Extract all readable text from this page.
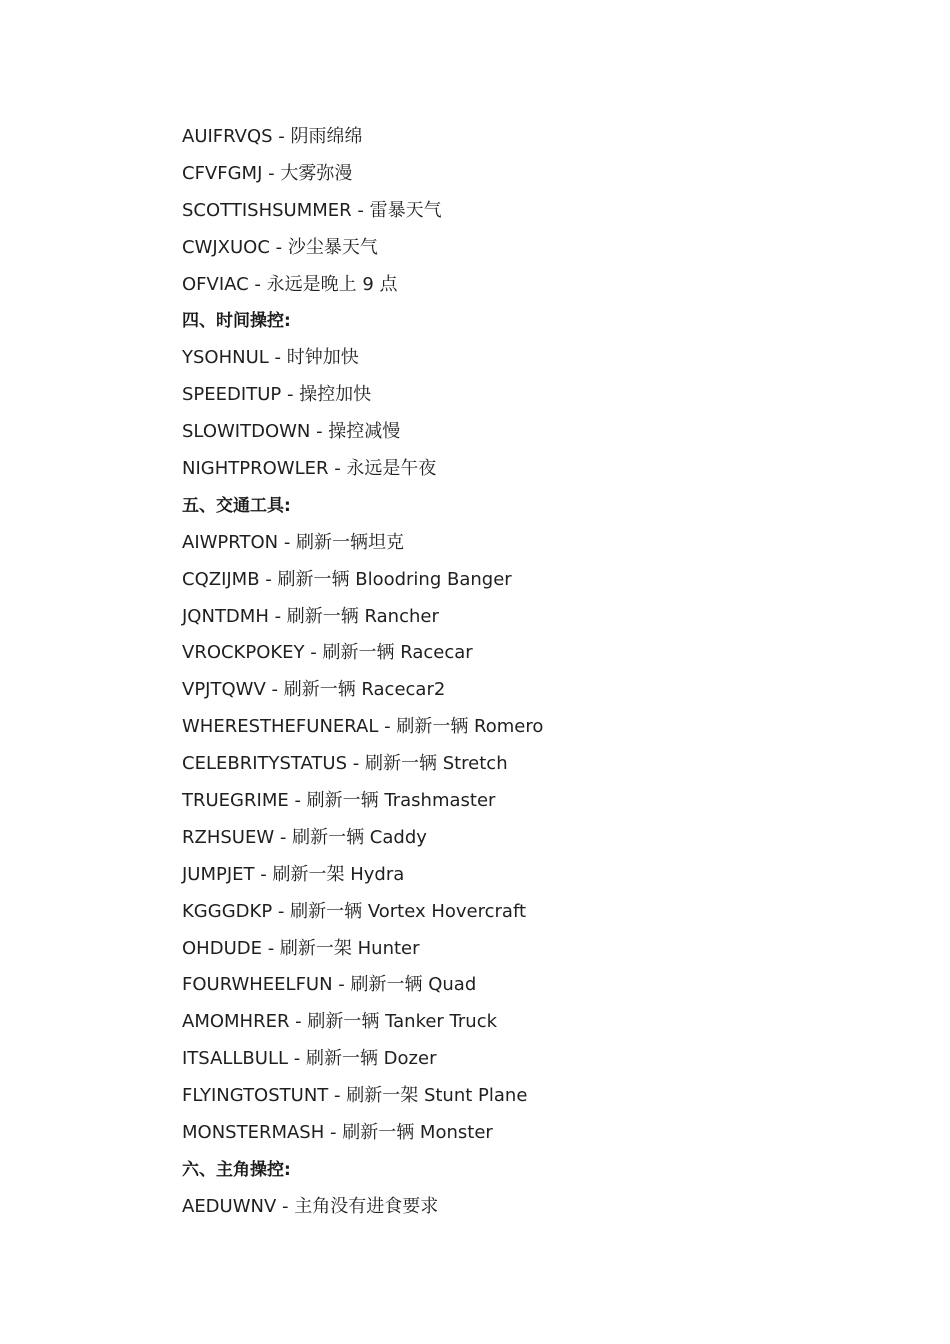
AUIFRVQS - 阴雨绵绵
CFVFGMJ - 大雾弥漫
SCOTTISHSUMMER - 雷暴天气
CWJXUOC - 沙尘暴天气
OFVIAC - 永远是晚上 9 点
四、时间操控:
YSOHNUL - 时钟加快
SPEEDITUP - 操控加快
SLOWITDOWN - 操控减慢
NIGHTPROWLER - 永远是午夜
五、交通工具:
AIWPRTON - 刷新一辆坦克
CQZIJMB - 刷新一辆 Bloodring Banger
JQNTDMH - 刷新一辆 Rancher
VROCKPOKEY - 刷新一辆 Racecar
VPJTQWV - 刷新一辆 Racecar2
WHERESTHEFUNERAL - 刷新一辆 Romero
CELEBRITYSTATUS - 刷新一辆 Stretch
TRUEGRIME - 刷新一辆 Trashmaster
RZHSUEW - 刷新一辆 Caddy
JUMPJET - 刷新一架 Hydra
KGGGDKP - 刷新一辆 Vortex Hovercraft
OHDUDE - 刷新一架 Hunter
FOURWHEELFUN - 刷新一辆 Quad
AMOMHRER - 刷新一辆 Tanker Truck
ITSALLBULL - 刷新一辆 Dozer
FLYINGTOSTUNT - 刷新一架 Stunt Plane
MONSTERMASH - 刷新一辆 Monster
六、主角操控:
AEDUWNV - 主角没有进食要求
